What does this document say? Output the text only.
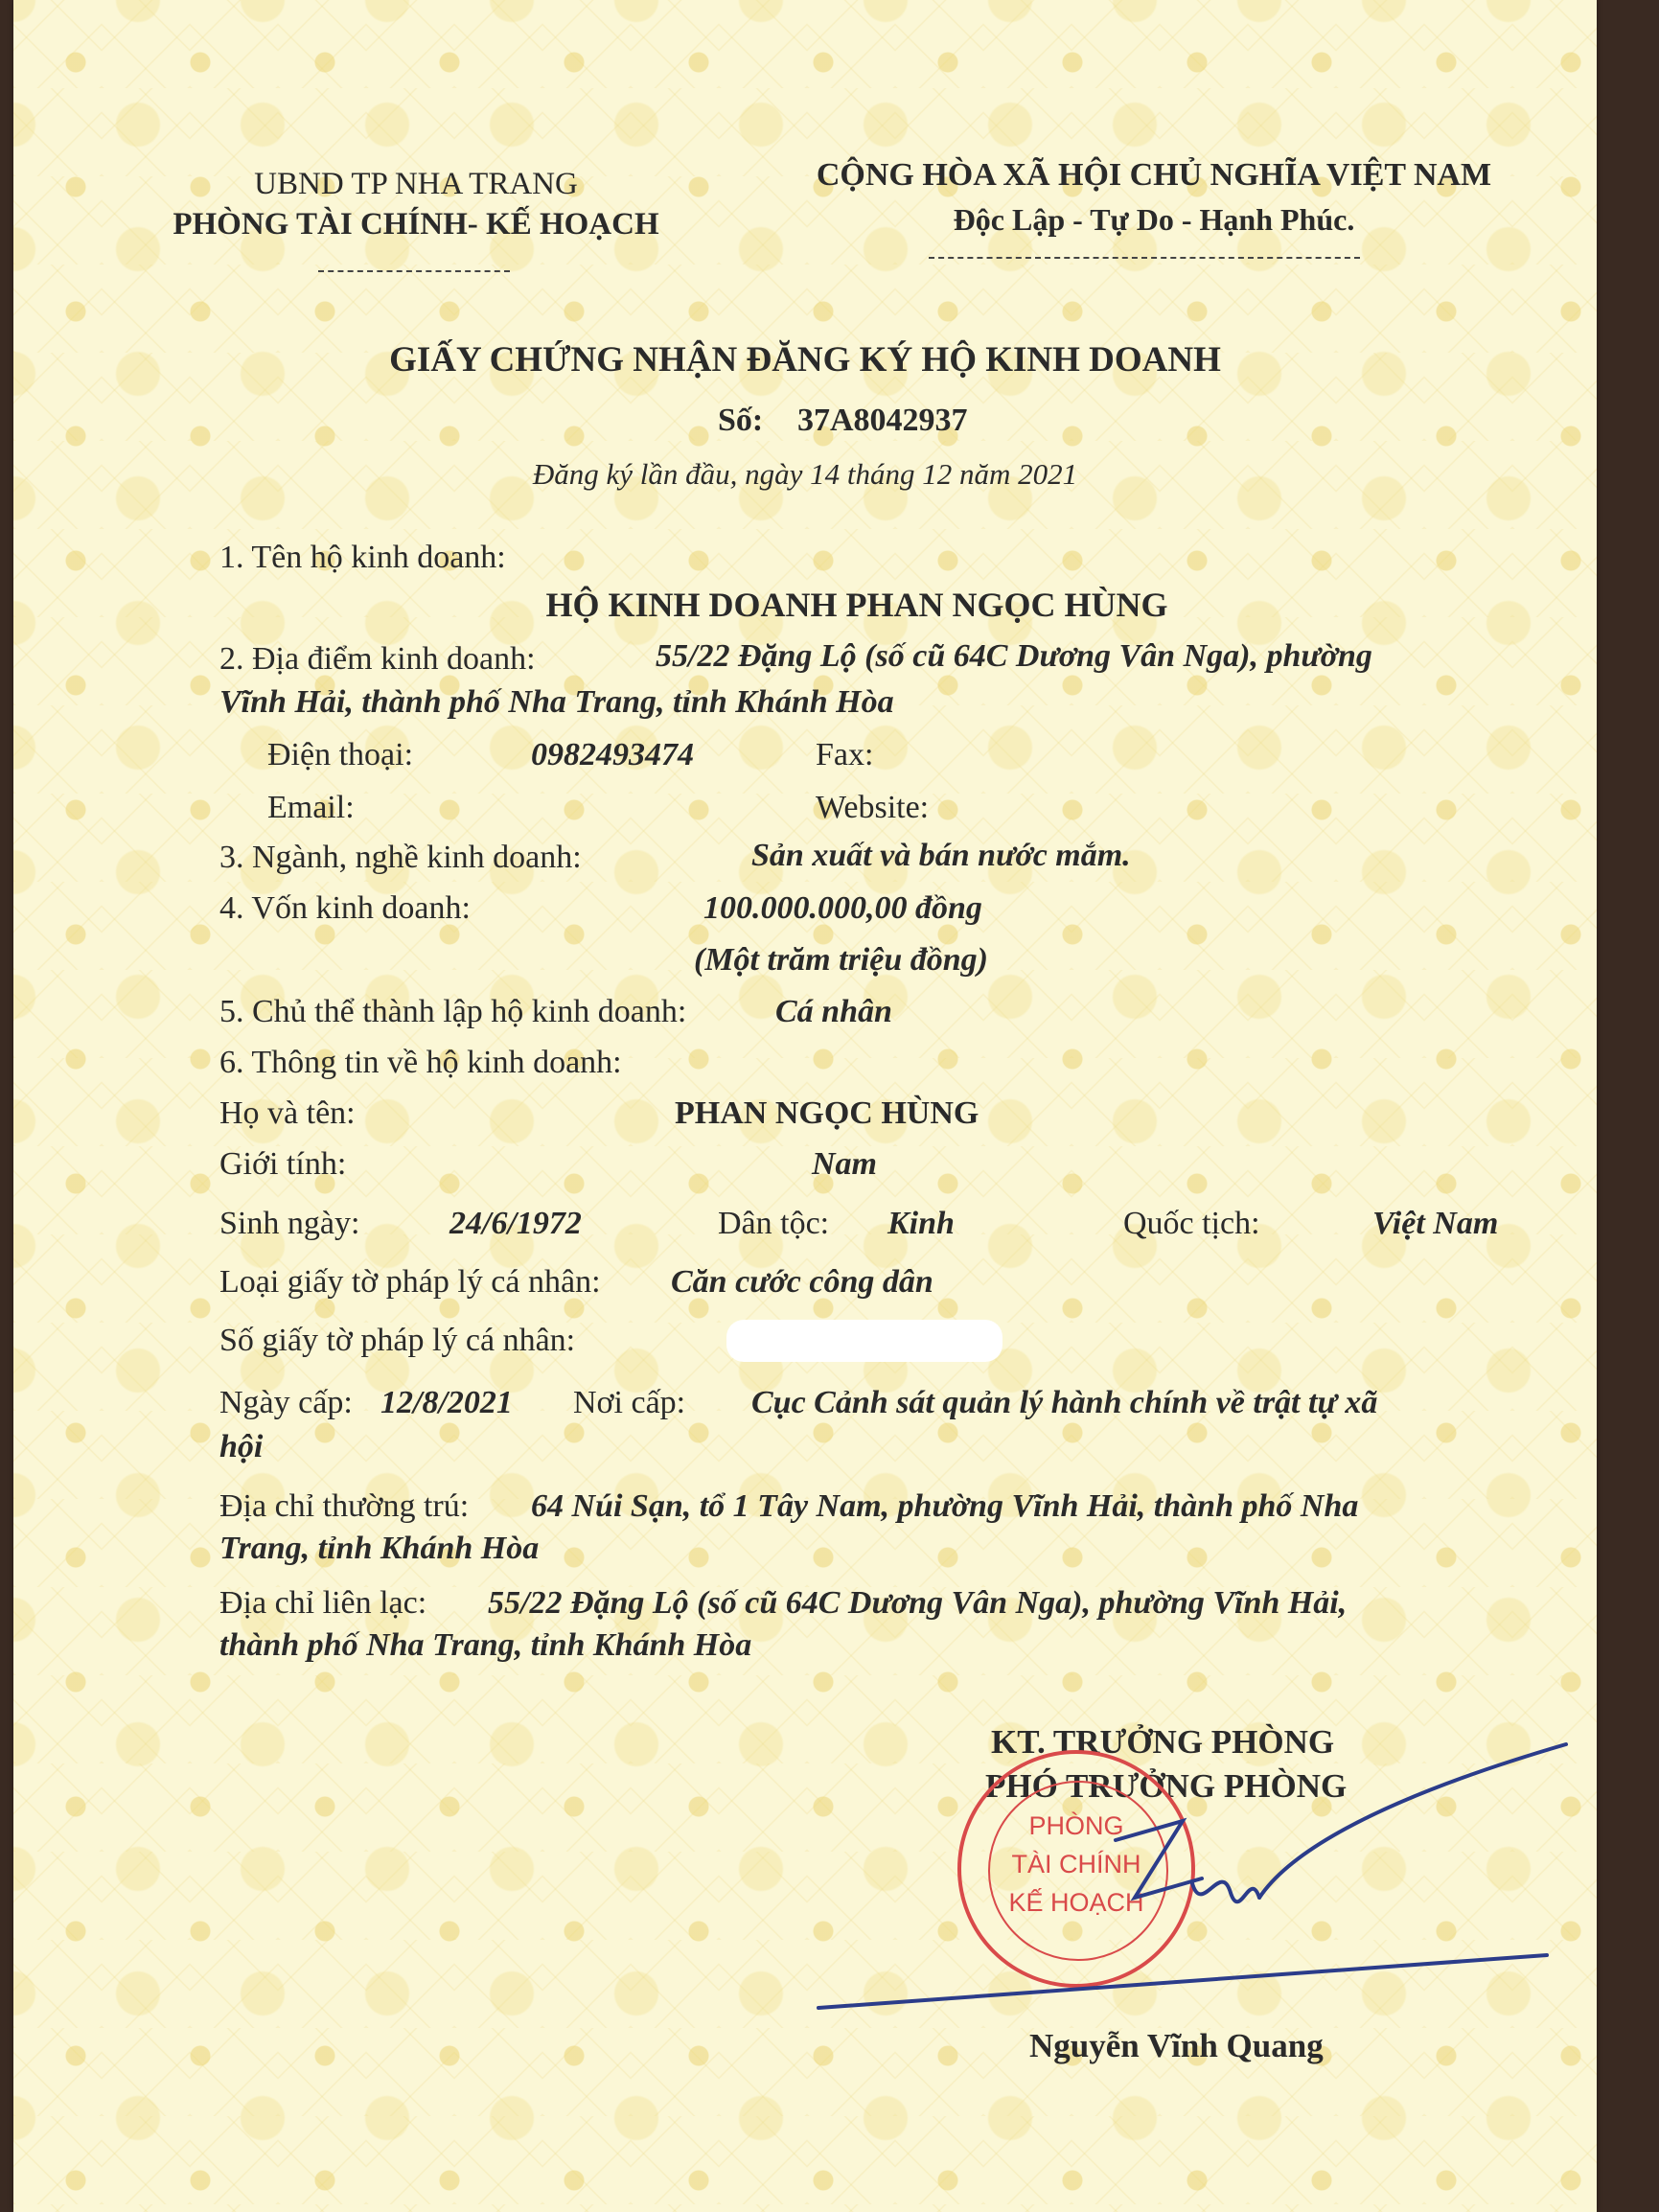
UBND TP NHA TRANG
PHÒNG TÀI CHÍNH- KẾ HOẠCH
CỘNG HÒA XÃ HỘI CHỦ NGHĨA VIỆT NAM
Độc Lập - Tự Do - Hạnh Phúc.
GIẤY CHỨNG NHẬN ĐĂNG KÝ HỘ KINH DOANH
Số: 37A8042937
Đăng ký lần đầu, ngày 14 tháng 12 năm 2021
1. Tên hộ kinh doanh:
HỘ KINH DOANH PHAN NGỌC HÙNG
2. Địa điểm kinh doanh:	55/22 Đặng Lộ (số cũ 64C Dương Vân Nga), phường
Vĩnh Hải, thành phố Nha Trang, tỉnh Khánh Hòa
Điện thoại:	0982493474	Fax:
Email:	Website:
3. Ngành, nghề kinh doanh:	Sản xuất và bán nước mắm.
4. Vốn kinh doanh:	100.000.000,00 đồng
(Một trăm triệu đồng)
5. Chủ thể thành lập hộ kinh doanh:	Cá nhân
6. Thông tin về hộ kinh doanh:
Họ và tên:	PHAN NGỌC HÙNG
Giới tính:	Nam
Sinh ngày:	24/6/1972	Dân tộc: Kinh	Quốc tịch:	Việt Nam
Loại giấy tờ pháp lý cá nhân: Căn cước công dân
Số giấy tờ pháp lý cá nhân:
Ngày cấp: 12/8/2021 Nơi cấp: Cục Cảnh sát quản lý hành chính về trật tự xã
hội
Địa chỉ thường trú: 64 Núi Sạn, tổ 1 Tây Nam, phường Vĩnh Hải, thành phố Nha
Trang, tỉnh Khánh Hòa
Địa chỉ liên lạc: 55/22 Đặng Lộ (số cũ 64C Dương Vân Nga), phường Vĩnh Hải,
thành phố Nha Trang, tỉnh Khánh Hòa
KT. TRƯỞNG PHÒNG
PHÓ TRƯỞNG PHÒNG
PHÒNG
TÀI CHÍNH
KẾ HOẠCH
Nguyễn Vĩnh Quang
